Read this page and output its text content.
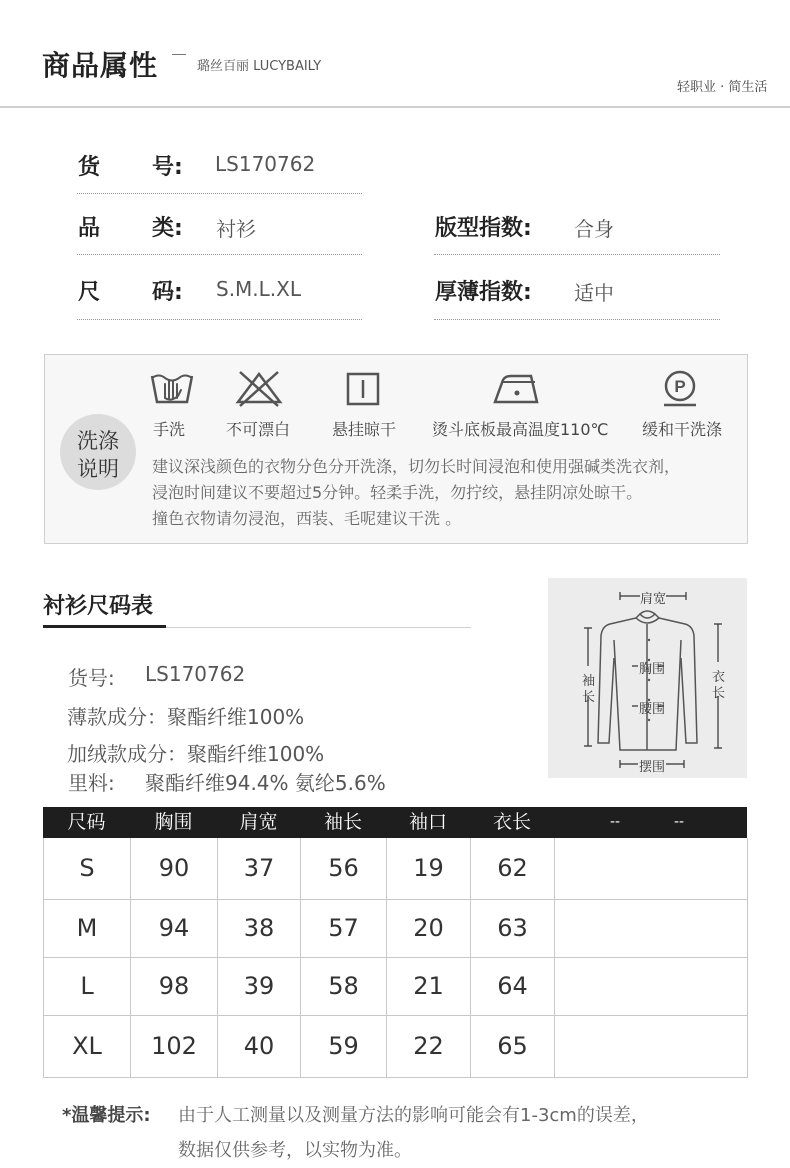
商品属性	璐丝百丽 LUCYBAILY
轻职业 · 简生活
货 号: LS170762
品 类: 衬衫	版型指数: 合身
尺 码: S.M.L.XL	厚薄指数: 适中
洗涤
说明
手洗	不可漂白	悬挂晾干 烫斗底板最高温度110℃
P
缓和干洗涤
建议深浅颜色的衣物分色分开洗涤，切勿长时间浸泡和使用强碱类洗衣剂，
浸泡时间建议不要超过5分钟。轻柔手洗，勿拧绞，悬挂阴凉处晾干。
撞色衣物请勿浸泡，西装、毛呢建议干洗 。
衬衫尺码表
货号: LS170762
薄款成分：聚酯纤维100%
加绒款成分：聚酯纤维100%
里料: 聚酯纤维94.4% 氨纶5.6%
肩宽
胸围
腰围
摆围
袖
长
衣
长
尺码	胸围	肩宽	袖长	袖口	衣长	--	--
S	90	37	56	19	62
M	94	38	57	20	63
L	98	39	58	21	64
XL	102	40	59	22	65
*温馨提示: 由于人工测量以及测量方法的影响可能会有1-3cm的误差，
数据仅供参考，以实物为准。
